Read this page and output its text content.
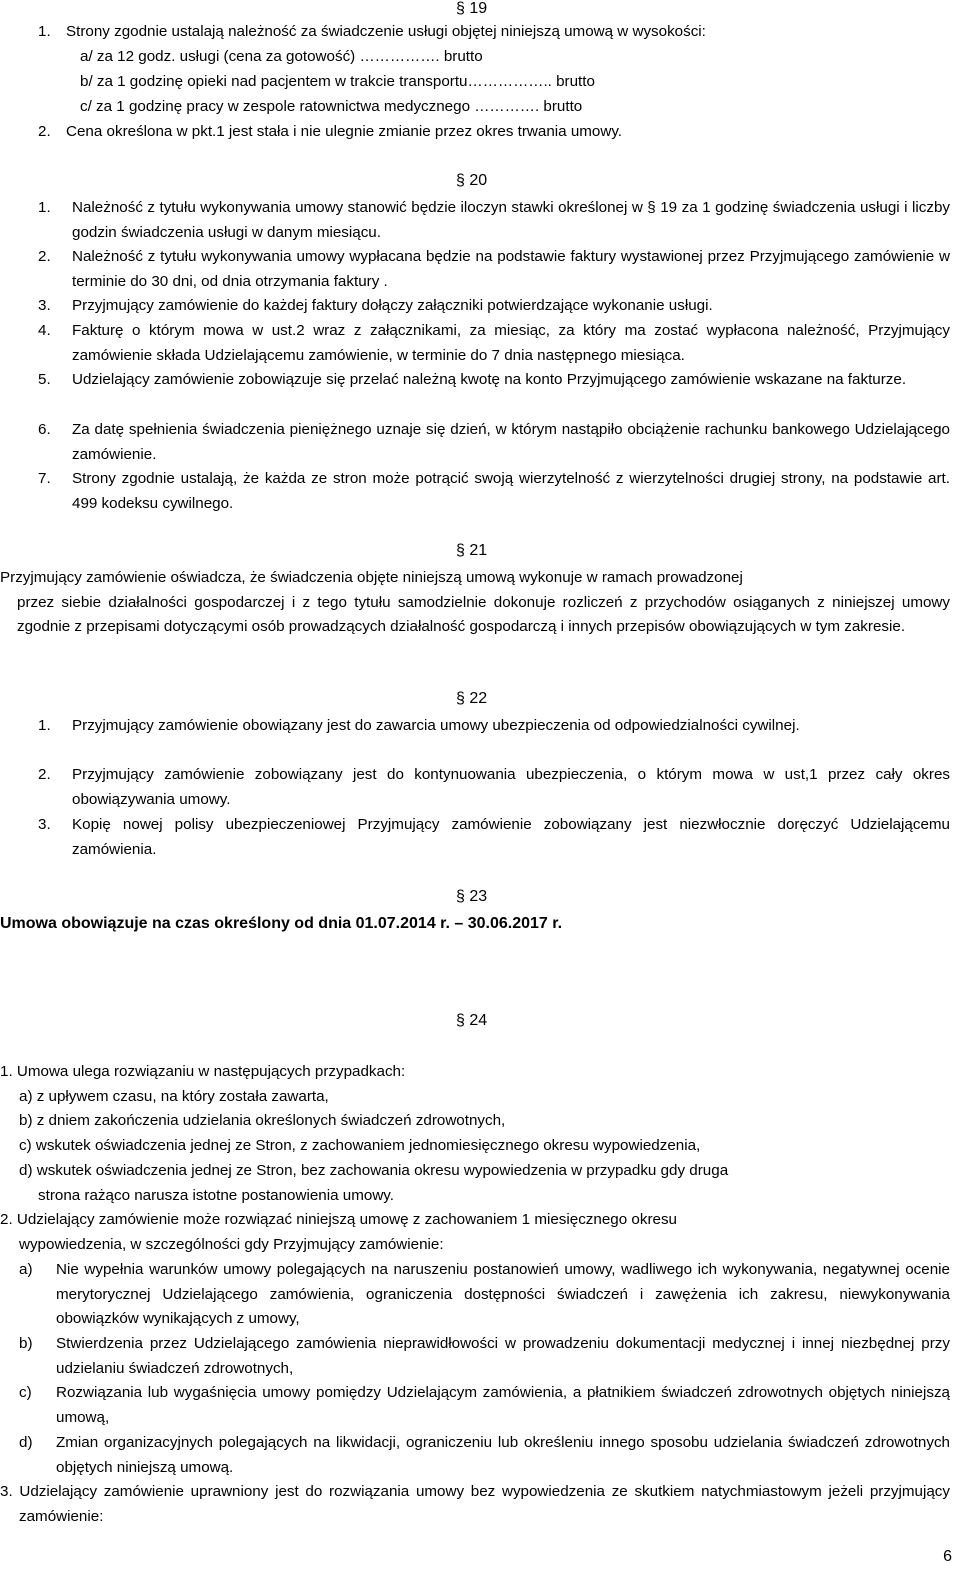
§ 19
1. Strony zgodnie ustalają należność za świadczenie usługi objętej niniejszą umową w wysokości:
a/ za 12 godz. usługi (cena za gotowość) ……………. brutto
b/ za 1 godzinę opieki nad pacjentem w trakcie transportu…………….. brutto
c/ za 1 godzinę pracy w zespole ratownictwa medycznego …………. brutto
2. Cena określona w pkt.1 jest stała i nie ulegnie zmianie przez okres trwania umowy.
§ 20
1. Należność z tytułu wykonywania umowy stanowić będzie iloczyn stawki określonej w § 19 za 1 godzinę świadczenia usługi i liczby godzin świadczenia usługi w danym miesiącu.
2. Należność z tytułu wykonywania umowy wypłacana będzie na podstawie faktury wystawionej przez Przyjmującego zamówienie w terminie do 30 dni, od dnia otrzymania faktury .
3. Przyjmujący zamówienie do każdej faktury dołączy załączniki potwierdzające wykonanie usługi.
4. Fakturę o którym mowa w ust.2 wraz z załącznikami, za miesiąc, za który ma zostać wypłacona należność, Przyjmujący zamówienie składa Udzielającemu zamówienie, w terminie do 7 dnia następnego miesiąca.
5. Udzielający zamówienie zobowiązuje się przelać należną kwotę na konto Przyjmującego zamówienie wskazane na fakturze.
6. Za datę spełnienia świadczenia pieniężnego uznaje się dzień, w którym nastąpiło obciążenie rachunku bankowego Udzielającego zamówienie.
7. Strony zgodnie ustalają, że każda ze stron może potrącić swoją wierzytelność z wierzytelności drugiej strony, na podstawie art. 499 kodeksu cywilnego.
§ 21
Przyjmujący zamówienie oświadcza, że świadczenia objęte niniejszą umową wykonuje w ramach prowadzonej
przez siebie działalności gospodarczej i z tego tytułu samodzielnie dokonuje rozliczeń z przychodów osiąganych z niniejszej umowy zgodnie z przepisami dotyczącymi osób prowadzących działalność gospodarczą i innych przepisów obowiązujących w tym zakresie.
§ 22
1. Przyjmujący zamówienie obowiązany jest do zawarcia umowy ubezpieczenia od odpowiedzialności cywilnej.
2. Przyjmujący zamówienie zobowiązany jest do kontynuowania ubezpieczenia, o którym mowa w ust,1 przez cały okres obowiązywania umowy.
3. Kopię nowej polisy ubezpieczeniowej Przyjmujący zamówienie zobowiązany jest niezwłocznie doręczyć Udzielającemu zamówienia.
§ 23
Umowa obowiązuje na czas określony od dnia 01.07.2014 r. – 30.06.2017 r.
§ 24
1. Umowa ulega rozwiązaniu w następujących przypadkach:
a) z upływem czasu, na który została zawarta,
b) z dniem zakończenia udzielania określonych świadczeń zdrowotnych,
c) wskutek oświadczenia jednej ze Stron, z zachowaniem jednomiesięcznego okresu wypowiedzenia,
d) wskutek oświadczenia jednej ze Stron, bez zachowania okresu wypowiedzenia w przypadku gdy druga
strona rażąco narusza istotne postanowienia umowy.
2. Udzielający zamówienie może rozwiązać niniejszą umowę z zachowaniem 1 miesięcznego okresu
wypowiedzenia, w szczególności gdy Przyjmujący zamówienie:
a) Nie wypełnia warunków umowy polegających na naruszeniu postanowień umowy, wadliwego ich wykonywania, negatywnej ocenie merytorycznej Udzielającego zamówienia, ograniczenia dostępności świadczeń i zawężenia ich zakresu, niewykonywania obowiązków wynikających z umowy,
b) Stwierdzenia przez Udzielającego zamówienia nieprawidłowości w prowadzeniu dokumentacji medycznej i innej niezbędnej przy udzielaniu świadczeń zdrowotnych,
c) Rozwiązania lub wygaśnięcia umowy pomiędzy Udzielającym zamówienia, a płatnikiem świadczeń zdrowotnych objętych niniejszą umową,
d) Zmian organizacyjnych polegających na likwidacji, ograniczeniu lub określeniu innego sposobu udzielania świadczeń zdrowotnych objętych niniejszą umową.
3. Udzielający zamówienie uprawniony jest do rozwiązania umowy bez wypowiedzenia ze skutkiem natychmiastowym jeżeli przyjmujący zamówienie:
6
